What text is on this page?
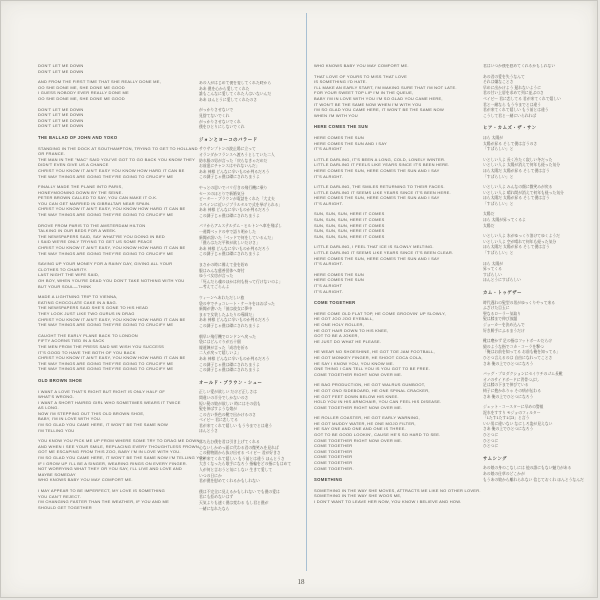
DON'T LET ME DOWN
DON'T LET ME DOWN
AND FROM THE FIRST TIME THAT SHE REALLY DONE ME,
OO SHE DONE ME, SHE DONE ME GOOD
I GUESS NOBODY EVER REALLY DONE ME
OO SHE DONE ME, SHE DONE ME GOOD
DON'T LET ME DOWN
DON'T LET ME DOWN
DON'T LET ME DOWN
DON'T LET ME DOWN
THE BALLAD OF JOHN AND YOKO
STANDING IN THE DOCK AT SOUTHAMPTON, TRYING TO GET TO HOLLAND
OR FRANCE.
THE MAN IN THE "MAC" SAID YOU'VE GOT TO GO BACK YOU KNOW THEY
DIDN'T EVEN GIVE US A CHANCE
CHRIST YOU KNOW IT AIN'T EASY YOU KNOW HOW HARD IT CAN BE
THE WAY THINGS ARE GOING THEY'RE GOING TO CRUCIFY ME
FINALLY MADE THE PLANE INTO PARIS,
HONEYMOONING DOWN BY THE SEINE.
PETER BROWN CALLED TO SAY, YOU CAN MAKE IT O.K.
YOU CAN GET MARRIED IN GIBRALTAR NEAR SPAIN.
CHRIST YOU KNOW IT AIN'T EASY, YOU KNOW HOW HARD IT CAN BE
THE WAY THINGS ARE GOING THEY'RE GOING TO CRUCIFY ME
DROVE FROM PARIS TO THE AMSTERDAM HILTON
TALKING IN OUR BEDS FOR A WEEK.
THE NEWSPAPERS SAID, SAY WHAT'RE YOU DOING IN BED
I SAID WE'RE ONLY TRYING TO GET US SOME PEACE
CHRIST YOU KNOW IT AIN'T EASY, YOU KNOW HOW HARD IT CAN BE
THE WAY THINGS ARE GOING THEY'RE GOING TO CRUCIFY ME
SAVING UP YOUR MONEY FOR A RAINY DAY, GIVING ALL YOUR
CLOTHES TO CHARITY.
LAST NIGHT THE WIFE SAID,
OH BOY, WHEN YOU'RE DEAD YOU DON'T TAKE NOTHING WITH YOU
BUT YOUR SOUL—THINK
MADE A LIGHTNING TRIP TO VIENNA,
EATING CHOCOLATE CAKE IN A BAG.
THE NEWSPAPERS SAID SHE'S GONE TO HIS HEAD
THEY LOOK JUST LIKE TWO GURUS IN DRAG
CHRIST YOU KNOW IT AIN'T EASY, YOU KNOW HOW HARD IT CAN BE
THE WAY THINGS ARE GOING THEY'RE GOING TO CRUCIFY ME
CAUGHT THE EARLY PLANE BACK TO LONDON
FIFTY ACORNS TIED IN A SACK
THE MEN FROM THE PRESS SAID WE WISH YOU SUCCESS
IT'S GOOD TO HAVE THE BOTH OF YOU BACK
CHRIST YOU KNOW IT AIN'T EASY, YOU KNOW HOW HARD IT CAN BE
THE WAY THINGS ARE GOING THEY'RE GOING TO CRUCIFY ME
THE WAY THINGS ARE GOING THEY'RE GOING TO CRUCIFY ME
OLD BROWN SHOE
I WANT A LOVE THAT'S RIGHT BUT RIGHT IS ONLY HALF OF
WHAT'S WRONG.
I WANT A SHORT HAIRED GIRL WHO SOMETIMES WEARS IT TWICE
AS LONG.
NOW I'M STEPPING OUT THIS OLD BROWN SHOE,
BABY, I'M IN LOVE WITH YOU.
I'M SO GLAD YOU CAME HERE, IT WON'T BE THE SAME NOW
I'M TELLING YOU
YOU KNOW YOU PICK ME UP FROM WHERE SOME TRY TO DRAG ME DOWN.
AND WHEN I SEE YOUR SMILE, REPLACING EVERY THOUGHTLESS FROWN,
GOT ME ESCAPING FROM THIS ZOO, BABY I'M IN LOVE WITH YOU.
I'M SO GLAD YOU CAME HERE, IT WON'T BE THE SAME NOW I'M TELLING YOU
IF I GROW UP I'LL BE A SINGER, WEARING RINGS ON EVERY FINGER.
NOT WORRYING WHAT THEY OR YOU SAY, I'LL LIVE AND LOVE AND
MAYBE SOMEDAY
WHO KNOWS BABY YOU MAY COMFORT ME.
I MAY APPEAR TO BE IMPERFECT, MY LOVE IS SOMETHING
YOU CAN'T REJECT.
I'M CHANGING FASTER THAN THE WEATHER, IF YOU AND ME
SHOULD GET TOGETHER
あの人がはじめて僕を愛してくれた時から
ああ 僕を心から愛してくれた
誰もこんなに愛してくれた人はいないんだ
ああ ほんとうに愛してくれたのさ
がっかりさせないで
見捨てないでくれ
がっかりさせないでくれ
僕をひとりにしないでくれ
ジョンとヨーコのバラード
サウサンプトンの波止場に立って
オランダかフランスへ渡ろうとしていた二人
防水服の男が言った「戻らなきゃだめだ
お前達にチャンスはやれないんだ」
ああ 神様 どんなに辛いものか判るだろう
この調子じゃ僕は磔にされちまうよ
やっとの思いでパリ行きの飛行機に乗り
セーヌのほとりで新婚気分
ピーター・ブラウンが電話をくれた「大丈夫
スペインに近いジブラルタルで式を挙げられる」
ああ 神様 どんなに辛いものか判るだろう
この調子じゃ僕は磔にされちまうよ
パリからアムステルダム・ヒルトンへ車を飛ばし
一週間ベッドの中で語り明かした
新聞が訊いた「ベッドで何をしているんだ」
「僕らはただ平和が欲しいだけさ」
ああ 神様 どんなに辛いものか判るだろう
この調子じゃ僕は磔にされちまうよ
まさかの時に備えて金を貯め
服はみんな慈善団体へ寄付
ゆうべ女房が言った
「死んだら魂のほかは何も持って行けないのよ」
―考えてごらんよ
ウィーンへあわただしい旅
袋の中でチョコレート・ケーキをほおばった
新聞が書いた「彼は彼女に夢中
まるで女装したふたりの導師だ」
ああ 神様 どんなに辛いものか判るだろう
この調子じゃ僕は磔にされちまうよ
朝早い飛行機でロンドンへ戻った
袋にはどんぐりが五十個
報道陣が言った「成功を祈る
二人が戻って嬉しいよ」
ああ 神様 どんなに辛いものか判るだろう
この調子じゃ僕は磔にされちまうよ
この調子じゃ僕は磔にされちまうよ
オールド・ブラウン・シュー
正しい愛が欲しい だけど正しさは
間違いの半分でしかないのさ
短い髪の娘が欲しい 時にはその倍も
髪を伸ばすような娘が
この古い茶色の靴で出かけるのさ
ベイビー 君に恋してる
君が来てくれて嬉しい もう今までとは違う
ほんとうさ
落ち込む僕を君は引き上げてくれる
心ないしかめっ面に代わる君の微笑みを見れば
この動物園から抜け出せる ベイビー 君が好きさ
君が来てくれて嬉しい もう前とは違う ほんとうさ
大きくなったら歌手になろう 指輪をどの指にもはめて
人が何と言おうと気にしない 生きて愛して
いつの日にか
君が僕を慰めてくれるかもしれない
僕は不完全に見えるかもしれない でも僕の愛は
君にも拒めないはず
天気よりも速く僕は変わる もし君と僕が
一緒になれたなら
WHO KNOWS BABY YOU MAY COMFORT ME.
THAT LOVE OF YOURS TO MISS THAT LOVE
IS SOMETHING I'D HATE.
I'LL MAKE AN EARLY START, I'M MAKING SURE THAT I'M NOT LATE.
FOR YOUR SWEET TOP LIP I'M IN THE QUEUE,
BABY I'M IN LOVE WITH YOU I'M SO GLAD YOU CAME HERE,
IT WON'T BE THE SAME NOW WHEN I'M WITH YOU
I'M SO GLAD YOU CAME HERE, IT WON'T BE THE SAME NOW
WHEN I'M WITH YOU
HERE COMES THE SUN
HERE COMES THE SUN
HERE COMES THE SUN AND I SAY
IT'S ALRIGHT
LITTLE DARLING, IT'S BEEN A LONG, COLD, LONELY WINTER.
LITTLE DARLING IT FEELS LIKE YEARS SINCE IT'S BEEN HERE.
HERE COMES THE SUN, HERE COMES THE SUN AND I SAY
IT'S ALRIGHT.
LITTLE DARLING, THE SMILES RETURNING TO THEIR FACES.
LITTLE DARLING IT SEEMS LIKE YEARS SINCE IT'S BEEN HERE.
HERE COMES THE SUN, HERE COMES THE SUN AND I SAY
IT'S ALRIGHT.
SUN, SUN, SUN, HERE IT COMES
SUN, SUN, SUN, HERE IT COMES
SUN, SUN, SUN, HERE IT COMES
SUN, SUN, SUN, HERE IT COMES
SUN, SUN, SUN, HERE IT COMES
LITTLE DARLING, I FEEL THAT ICE IS SLOWLY MELTING.
LITTLE DARLING IT SEEMS LIKE YEARS SINCE IT'S BEEN CLEAR.
HERE COMES THE SUN, HERE COMES THE SUN AND I SAY
IT'S ALRIGHT.
HERE COMES THE SUN
HERE COMES THE SUN
IT'S ALRIGHT
IT'S ALRIGHT.
COME TOGETHER
HERE COME OLD FLAT TOP, HE COME GROOVIN' UP SLOWLY,
HE GOT JOO JOO EYEBALL,
HE ONE HOLY ROLLER,
HE GOT HAIR DOWN TO HIS KNEE,
GOT TO BE A JOKER,
HE JUST DO WHAT HE PLEASE.
HE WEAR NO SHOESHINE, HE GOT TOE JAM FOOTBALL,
HE GOT MONKEY FINGER, HE SHOOT COCA COLA,
HE SAY I KNOW YOU, YOU KNOW ME.
ONE THING I CAN TELL YOU IS YOU GOT TO BE FREE.
COME TOGETHER RIGHT NOW OVER ME.
HE BAG PRODUCTION, HE GOT WALRUS GUMBOOT,
HE GOT ONO SIDEBOARD, HE ONE SPINAL CRACKER,
HE GOT FEET DOWN BELOW HIS KNEE.
HOLD YOU IN HIS ARMCHAIR, YOU CAN FEEL HIS DISEASE.
COME TOGETHER RIGHT NOW OVER ME.
HE ROLLER COASTER, HE GOT EARLY WARNING,
HE GOT MUDDY WATER, HE ONE MOJO FILTER,
HE SAY ONE AND ONE AND ONE IS THREE.
GOT TO BE GOOD LOOKIN', CAUSE HE'S SO HARD TO SEE.
COME TOGETHER RIGHT NOW OVER ME.
COME TOGETHER
COME TOGETHER
COME TOGETHER
COME TOGETHER
COME TOGETHER.
SOMETHING
SOMETHING IN THE WAY SHE MOVES, ATTRACTS ME LIKE NO OTHER LOVER.
SOMETHING IN THE WAY SHE WOOS ME,
I DON'T WANT TO LEAVE HER NOW, YOU KNOW I BELIEVE AND HOW.
君はいつか僕を慰めてくれるかもしれない
あの君の愛を失うなんて
それは嫌なことさ
早めに出かけよう 遅れないように
君の甘い上唇を求めて列に並ぶのさ
ベイビー 君に恋してる 君が来てくれて嬉しい
君と一緒なら もう今までとは違う
君が来てくれて嬉しい もう前とは違う
こうして君と一緒にいられれば
ヒア・カムズ・ザ・サン
ほら 太陽が
太陽が昇る そして僕は言うのさ
「すばらしい」と
いとしい人よ 長く冷たく寂しい冬だった
いとしい人よ 太陽が消えて何年も経った気分
ほら太陽だ 太陽が昇る そして僕は言う
「すばらしい」と
いとしい人よ みんなの顔に微笑みが戻る
いとしい人よ 晴れ間が消えて何年も経った気分
ほら太陽だ 太陽が昇る そして僕は言う
「すばらしい」と
太陽だ
ほら 太陽が昇ってくるよ
太陽だ
いとしい人よ 氷がゆっくり溶けてゆくようだ
いとしい人よ 空が晴れて何年も経った気分
ほら太陽だ 太陽が昇る そして僕は言う
「すばらしい」と
ほら 太陽が
昇ってくる
すばらしい
ほんとうにすばらしい
カム・トゥゲザー
時代遅れの髪型の男がゆっくりやって来る
ふざけた目玉に
聖なるローラー気取り
髪は膝まで伸び放題
ジョーカーを決め込んで
好き勝手にふるまうだけ
靴は磨かず 足の指はフットボールだらけ
猿のような指でコカ・コーラを撃つ
「俺はお前を知ってる お前も俺を知ってる」
ひとつ言えるのは 自由になれってことさ
さあ 俺の上でひとつになろう
バッグ・プロダクションにセイウチのゴム長靴
オノのサイドボードに背骨つぶし
足は膝の下まで伸びている
椅子に抱かれりゃ その病が伝わる
さあ 俺の上でひとつになろう
ジェット・コースターに早めの警報
泥水をすすり モジョのフィルター
「1たす1たす1は3」と言う
いい男に違いない なにしろ姿が見えない
さあ 俺の上でひとつになろう
ひとつに
ひとつに
ひとつに
サムシング
あの娘の身のこなしには 他の誰にもない魅力がある
あの娘の仕草のどこかが
もうあの娘から離れられない 信じておくれ ほんとうなんだ
18
